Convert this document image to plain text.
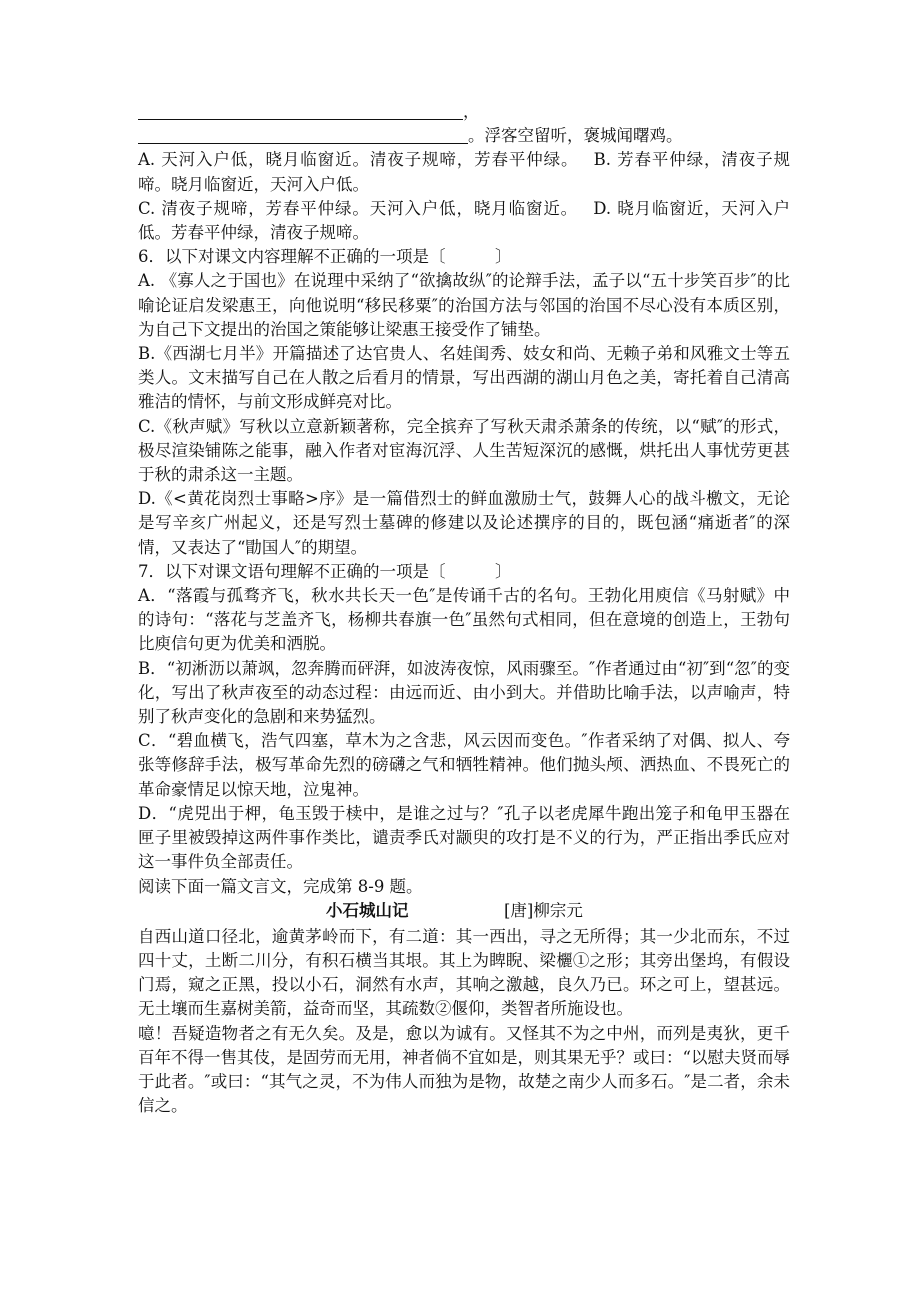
，
。浮客空留听，褒城闻曙鸡。

A. 天河入户低，晓月临窗近。清夜子规啼，芳春平仲绿。　 B. 芳春平仲绿，清夜子规啼。晓月临窗近，天河入户低。

C. 清夜子规啼，芳春平仲绿。天河入户低，晓月临窗近。　 D. 晓月临窗近，天河入户低。芳春平仲绿，清夜子规啼。

6．以下对课文内容理解不正确的一项是〔　　　〕

A. 《寡人之于国也》在说理中采纳了“欲擒故纵″的论辩手法，孟子以“五十步笑百步″的比喻论证启发梁惠王，向他说明“移民移粟″的治国方法与邻国的治国不尽心没有本质区别，为自己下文提出的治国之策能够让梁惠王接受作了铺垫。

B.《西湖七月半》开篇描述了达官贵人、名娃闺秀、妓女和尚、无赖子弟和风雅文士等五类人。文末描写自己在人散之后看月的情景，写出西湖的湖山月色之美，寄托着自己清高雅洁的情怀，与前文形成鲜亮对比。

C.《秋声赋》写秋以立意新颖著称，完全摈弃了写秋天肃杀萧条的传统，以“赋″的形式，极尽渲染铺陈之能事，融入作者对宦海沉浮、人生苦短深沉的感慨，烘托出人事忧劳更甚于秋的肃杀这一主题。

D.《<黄花岗烈士事略>序》是一篇借烈士的鲜血激励士气，鼓舞人心的战斗檄文，无论是写辛亥广州起义，还是写烈士墓碑的修建以及论述撰序的目的，既包涵“痛逝者″的深情，又表达了“勖国人″的期望。

7．以下对课文语句理解不正确的一项是〔　　　〕

A．“落霞与孤骛齐飞，秋水共长天一色″是传诵千古的名句。王勃化用庾信《马射赋》中的诗句：“落花与芝盖齐飞，杨柳共春旗一色″虽然句式相同，但在意境的创造上，王勃句比庾信句更为优美和洒脱。

B．“初淅沥以萧飒，忽奔腾而砰湃，如波涛夜惊，风雨骤至。″作者通过由“初″到“忽″的变化，写出了秋声夜至的动态过程：由远而近、由小到大。并借助比喻手法，以声喻声，特别了秋声变化的急剧和来势猛烈。

C．“碧血横飞，浩气四塞，草木为之含悲，风云因而变色。″作者采纳了对偶、拟人、夸张等修辞手法，极写革命先烈的磅礴之气和牺牲精神。他们抛头颅、洒热血、不畏死亡的革命豪情足以惊天地，泣鬼神。

D．“虎兕出于柙，龟玉毁于椟中，是谁之过与？″孔子以老虎犀牛跑出笼子和龟甲玉器在匣子里被毁掉这两件事作类比，谴责季氏对颛臾的攻打是不义的行为，严正指出季氏应对这一事件负全部责任。

阅读下面一篇文言文，完成第 8-9 题。

小石城山记	[唐]柳宗元

自西山道口径北，逾黄茅岭而下，有二道：其一西出，寻之无所得；其一少北而东，不过四十丈，土断二川分，有积石横当其垠。其上为睥睨、梁欐①之形；其旁出堡坞，有假设门焉，窥之正黑，投以小石，洞然有水声，其响之激越，良久乃已。环之可上，望甚远。无土壤而生嘉树美箭，益奇而坚，其疏数②偃仰，类智者所施设也。

噫！吾疑造物者之有无久矣。及是，愈以为诚有。又怪其不为之中州，而列是夷狄，更千百年不得一售其伎，是固劳而无用，神者倘不宜如是，则其果无乎？或曰：“以慰夫贤而辱于此者。″或曰：“其气之灵，不为伟人而独为是物，故楚之南少人而多石。″是二者，余未信之。
